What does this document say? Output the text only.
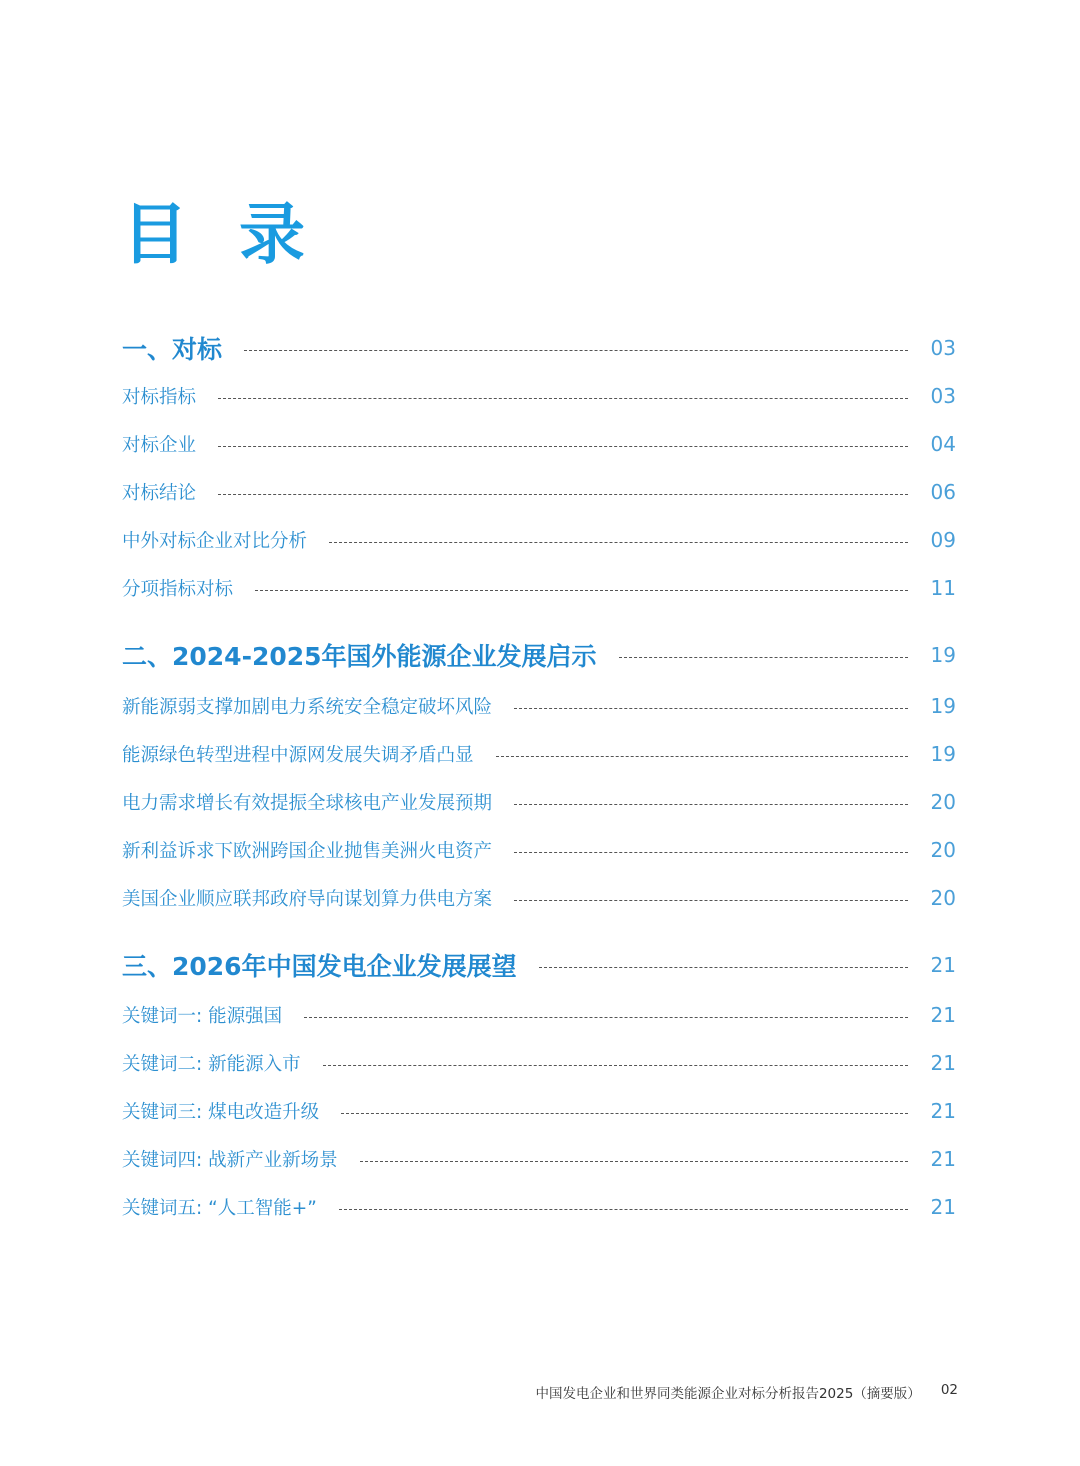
目 录
一、对标	03
对标指标	03
对标企业	04
对标结论	06
中外对标企业对比分析	09
分项指标对标	11
二、2024-2025年国外能源企业发展启示	19
新能源弱支撑加剧电力系统安全稳定破坏风险	19
能源绿色转型进程中源网发展失调矛盾凸显	19
电力需求增长有效提振全球核电产业发展预期	20
新利益诉求下欧洲跨国企业抛售美洲火电资产	20
美国企业顺应联邦政府导向谋划算力供电方案	20
三、2026年中国发电企业发展展望	21
关键词一: 能源强国	21
关键词二: 新能源入市	21
关键词三: 煤电改造升级	21
关键词四: 战新产业新场景	21
关键词五: “人工智能+”	21
中国发电企业和世界同类能源企业对标分析报告2025（摘要版） 02
